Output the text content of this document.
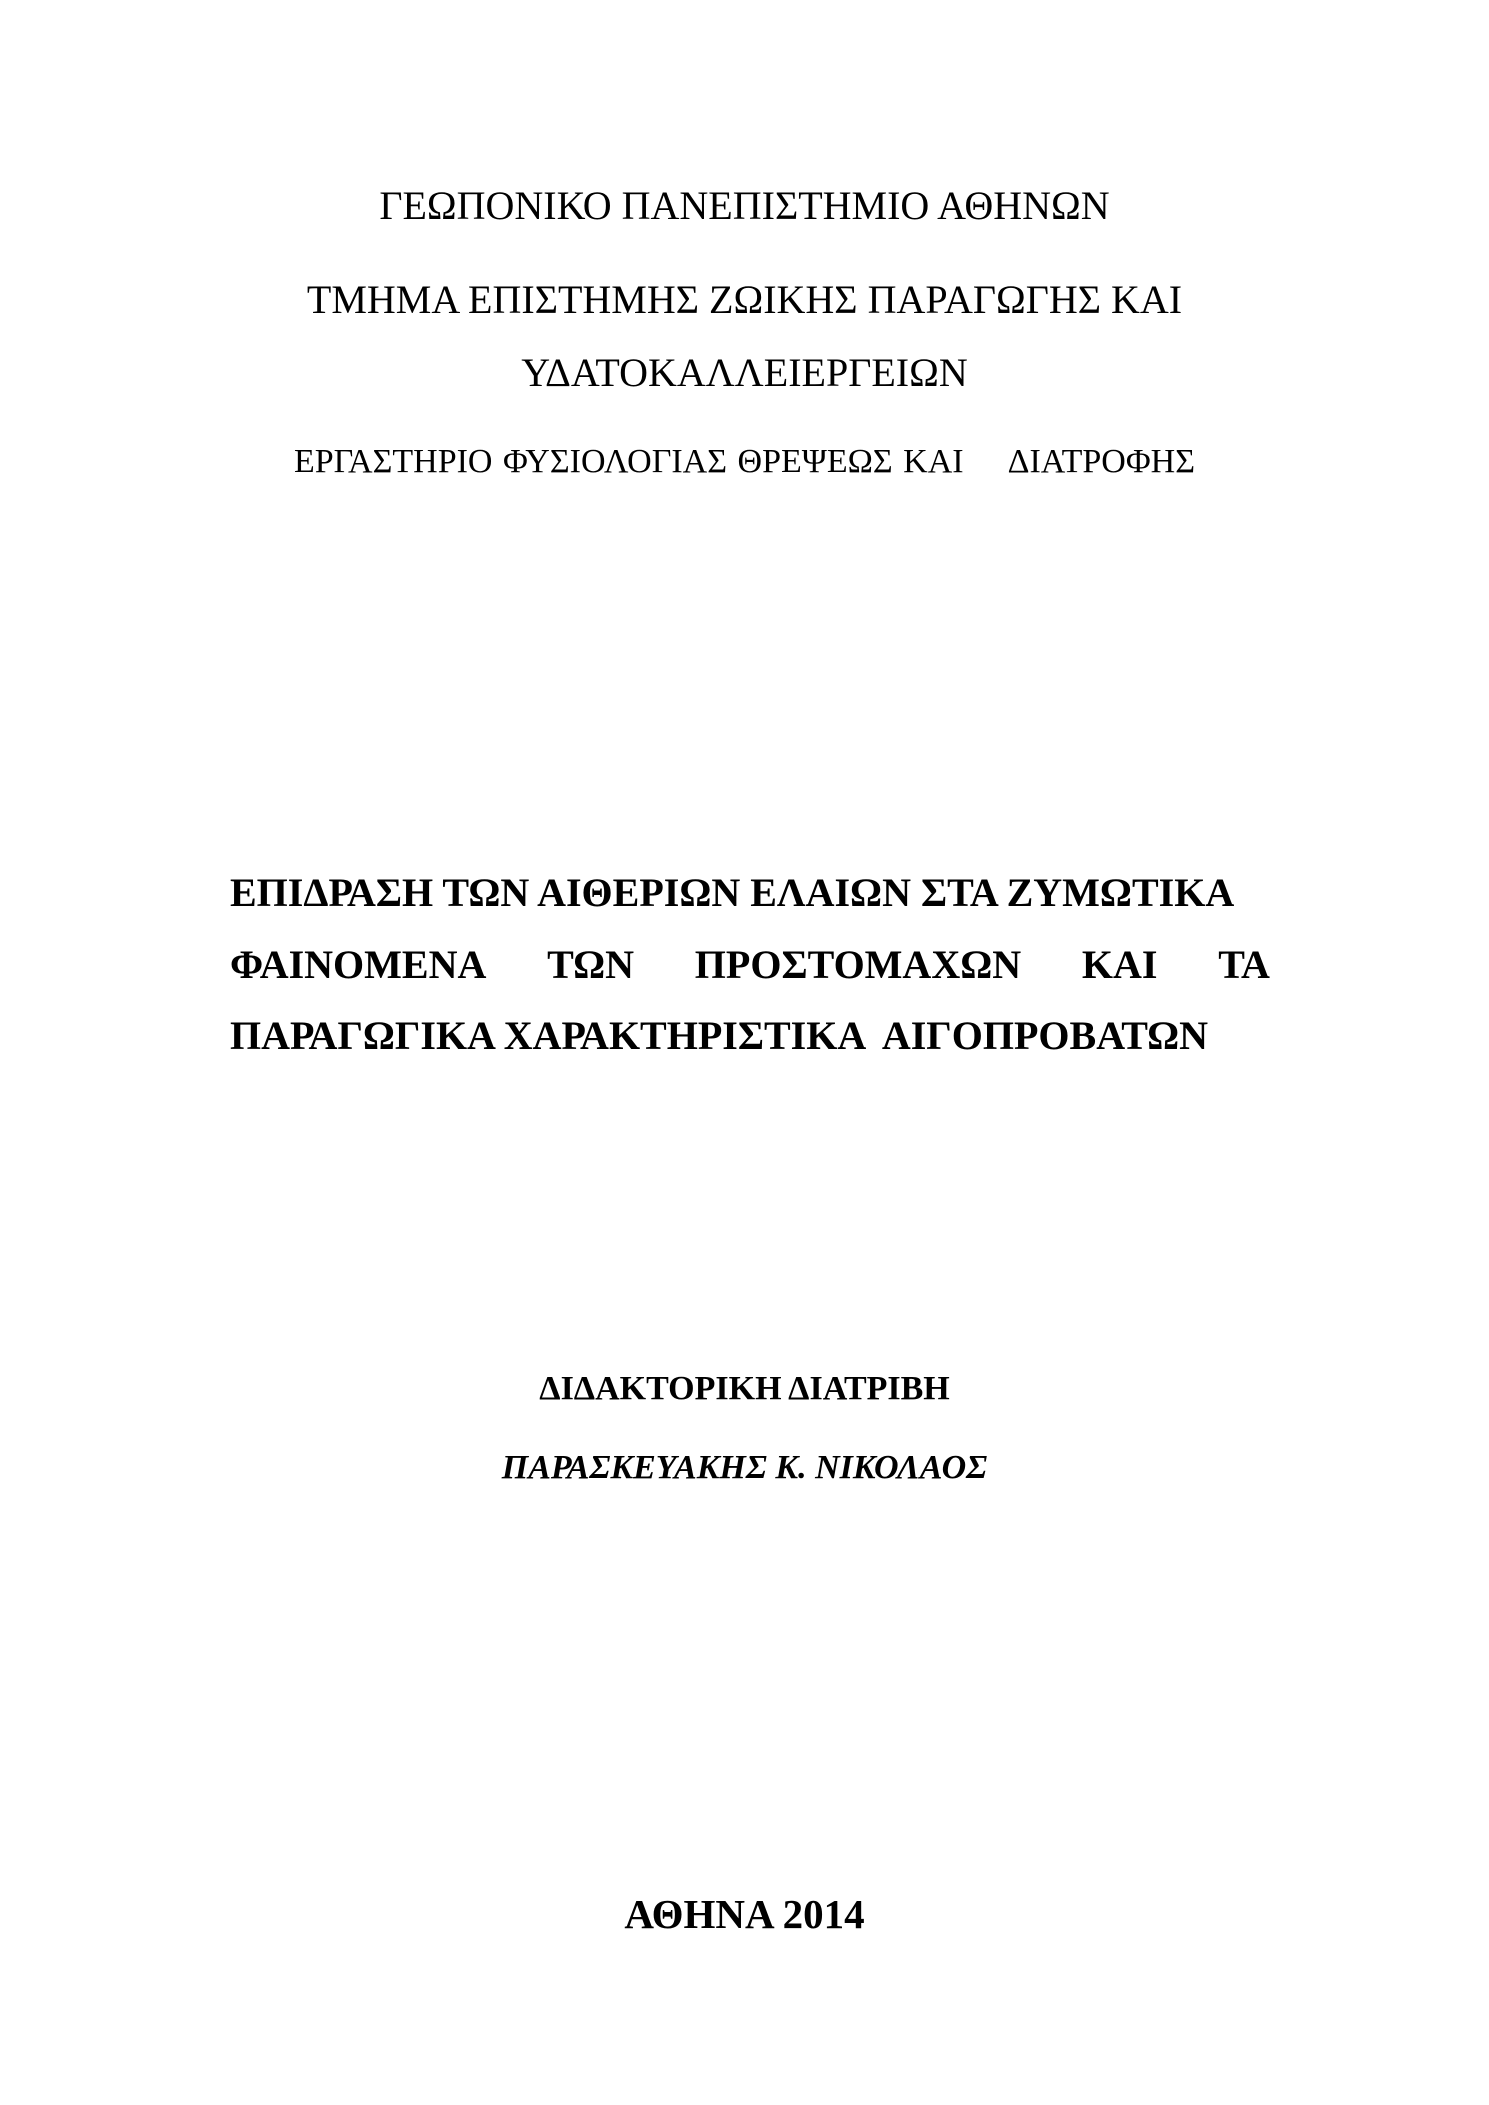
ΓΕΩΠΟΝΙΚΟ ΠΑΝΕΠΙΣΤΗΜΙΟ ΑΘΗΝΩΝ
ΤΜΗΜΑ ΕΠΙΣΤΗΜΗΣ ΖΩΙΚΗΣ ΠΑΡΑΓΩΓΗΣ ΚΑΙ
ΥΔΑΤΟΚΑΛΛΕΙΕΡΓΕΙΩΝ
ΕΡΓΑΣΤΗΡΙΟ ΦΥΣΙΟΛΟΓΙΑΣ ΘΡΕΨΕΩΣ ΚΑΙ ΔΙΑΤΡΟΦΗΣ
ΕΠΙΔΡΑΣΗ ΤΩΝ ΑΙΘΕΡΙΩΝ ΕΛΑΙΩΝ ΣΤΑ ΖΥΜΩΤΙΚΑ
ΦΑΙΝΟΜΕΝΑ ΤΩΝ ΠΡΟΣΤΟΜΑΧΩΝ ΚΑΙ ΤΑ
ΠΑΡΑΓΩΓΙΚΑ ΧΑΡΑΚΤΗΡΙΣΤΙΚΑ  ΑΙΓΟΠΡΟΒΑΤΩΝ
ΔΙΔΑΚΤΟΡΙΚΗ ΔΙΑΤΡΙΒΗ
ΠΑΡΑΣΚΕΥΑΚΗΣ Κ. ΝΙΚΟΛΑΟΣ
ΑΘΗΝΑ 2014
